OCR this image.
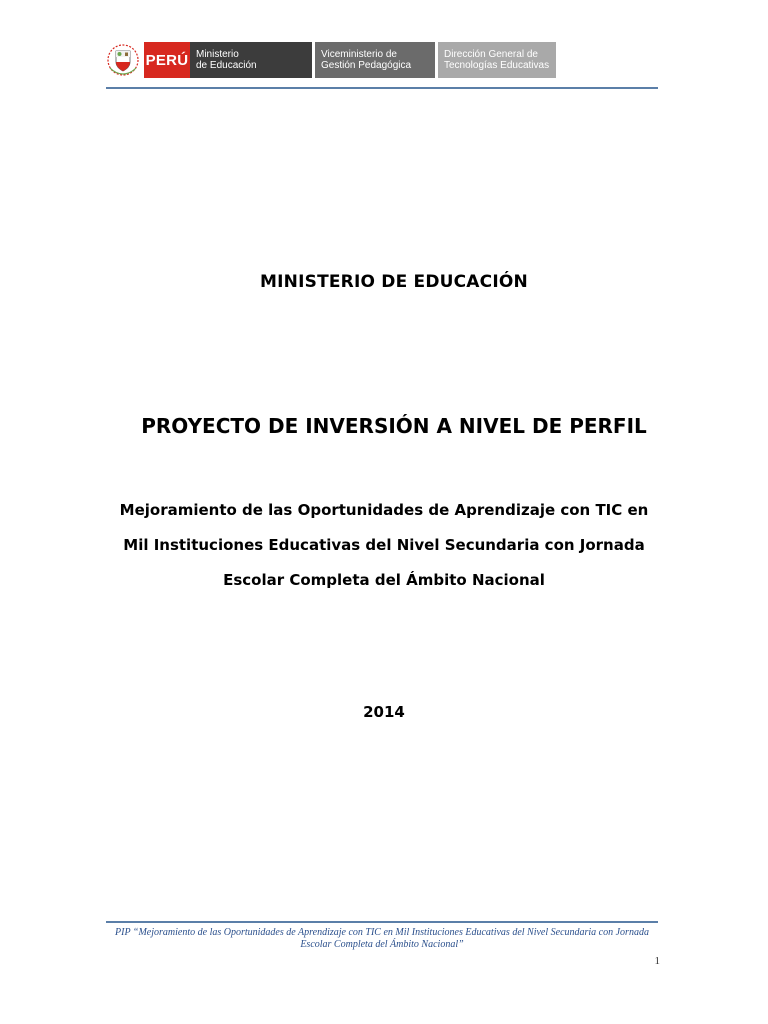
PERÚ Ministerio
de Educación
Viceministerio de
Gestión Pedagógica
Dirección General de
Tecnologías Educativas
MINISTERIO DE EDUCACIÓN
PROYECTO DE INVERSIÓN A NIVEL DE PERFIL
Mejoramiento de las Oportunidades de Aprendizaje con TIC en
Mil Instituciones Educativas del Nivel Secundaria con Jornada
Escolar Completa del Ámbito Nacional
2014
PIP “Mejoramiento de las Oportunidades de Aprendizaje con TIC en Mil Instituciones Educativas del Nivel Secundaria con Jornada
Escolar Completa del Ámbito Nacional”
1
